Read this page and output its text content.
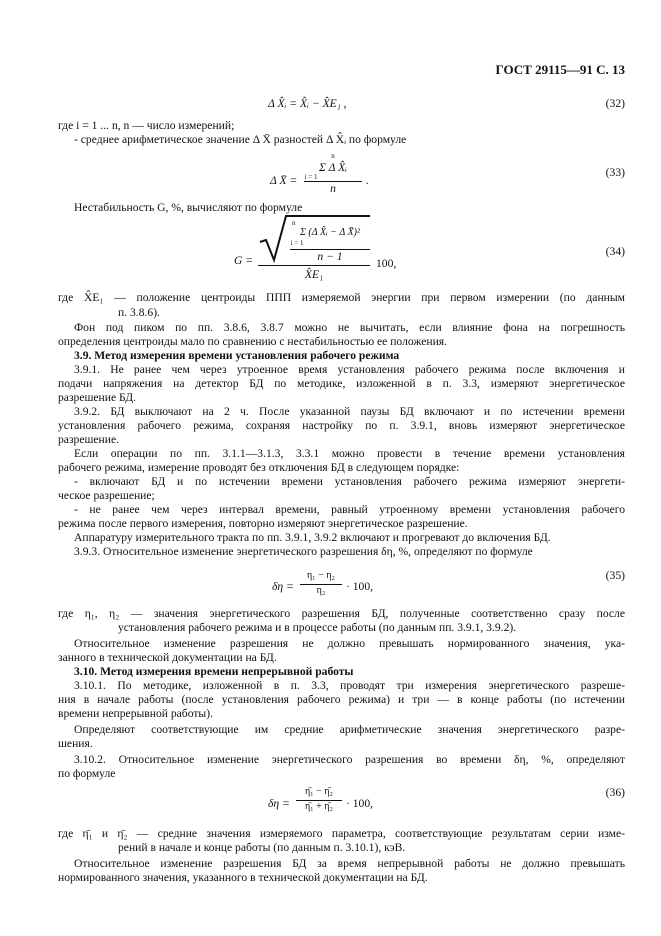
ГОСТ 29115—91 С. 13
Δ X̂ᵢ = X̂ᵢ − X̂E₁ ,	(32)
где i = 1 ... n, n — число измерений;
- среднее арифметическое значение Δ X̄ разностей Δ X̂ᵢ по формуле
Δ X̄ =
n
Σ Δ X̂ᵢ
i = 1
n
.
(33)
Нестабильность G, %, вычисляют по формуле
G =
n
Σ (Δ X̂ᵢ − Δ X̄)²
i = 1
n − 1
X̂E₁
100,
(34)
где X̂E₁ — положение центроиды ППП измеряемой энергии при первом измерении (по данным
п. 3.8.6).
Фон под пиком по пп. 3.8.6, 3.8.7 можно не вычитать, если влияние фона на погрешность
определения центроиды мало по сравнению с нестабильностью ее положения.
3.9. Метод измерения времени установления рабочего режима
3.9.1. Не ранее чем через утроенное время установления рабочего режима после включения и
подачи напряжения на детектор БД по методике, изложенной в п. 3.3, измеряют энергетическое
разрешение БД.
3.9.2. БД выключают на 2 ч. После указанной паузы БД включают и по истечении времени
установления рабочего режима, сохраняя настройку по п. 3.9.1, вновь измеряют энергетическое
разрешение.
Если операции по пп. 3.1.1—3.1.3, 3.3.1 можно провести в течение времени установления
рабочего режима, измерение проводят без отключения БД в следующем порядке:
- включают БД и по истечении времени установления рабочего режима измеряют энергети-
ческое разрешение;
- не ранее чем через интервал времени, равный утроенному времени установления рабочего
режима после первого измерения, повторно измеряют энергетическое разрешение.
Аппаратуру измерительного тракта по пп. 3.9.1, 3.9.2 включают и прогревают до включения БД.
3.9.3. Относительное изменение энергетического разрешения δη, %, определяют по формуле
δη =
η₁ − η₂
η₂	· 100,
(35)
где η₁, η₂ — значения энергетического разрешения БД, полученные соответственно сразу после
установления рабочего режима и в процессе работы (по данным пп. 3.9.1, 3.9.2).
Относительное изменение разрешения не должно превышать нормированного значения, ука-
занного в технической документации на БД.
3.10. Метод измерения времени непрерывной работы
3.10.1. По методике, изложенной в п. 3.3, проводят три измерения энергетического разреше-
ния в начале работы (после установления рабочего режима) и три — в конце работы (по истечении
времени непрерывной работы).
Определяют соответствующие им средние арифметические значения энергетического разре-
шения.
3.10.2. Относительное изменение энергетического разрешения во времени δη, %, определяют
по формуле
δη =
η̄₁ − η̄₂
η̄₁ + η̄₂	· 100,
(36)
где η̄₁ и η̄₂ — средние значения измеряемого параметра, соответствующие результатам серии изме-
рений в начале и конце работы (по данным п. 3.10.1), кэВ.
Относительное изменение разрешения БД за время непрерывной работы не должно превышать
нормированного значения, указанного в технической документации на БД.
